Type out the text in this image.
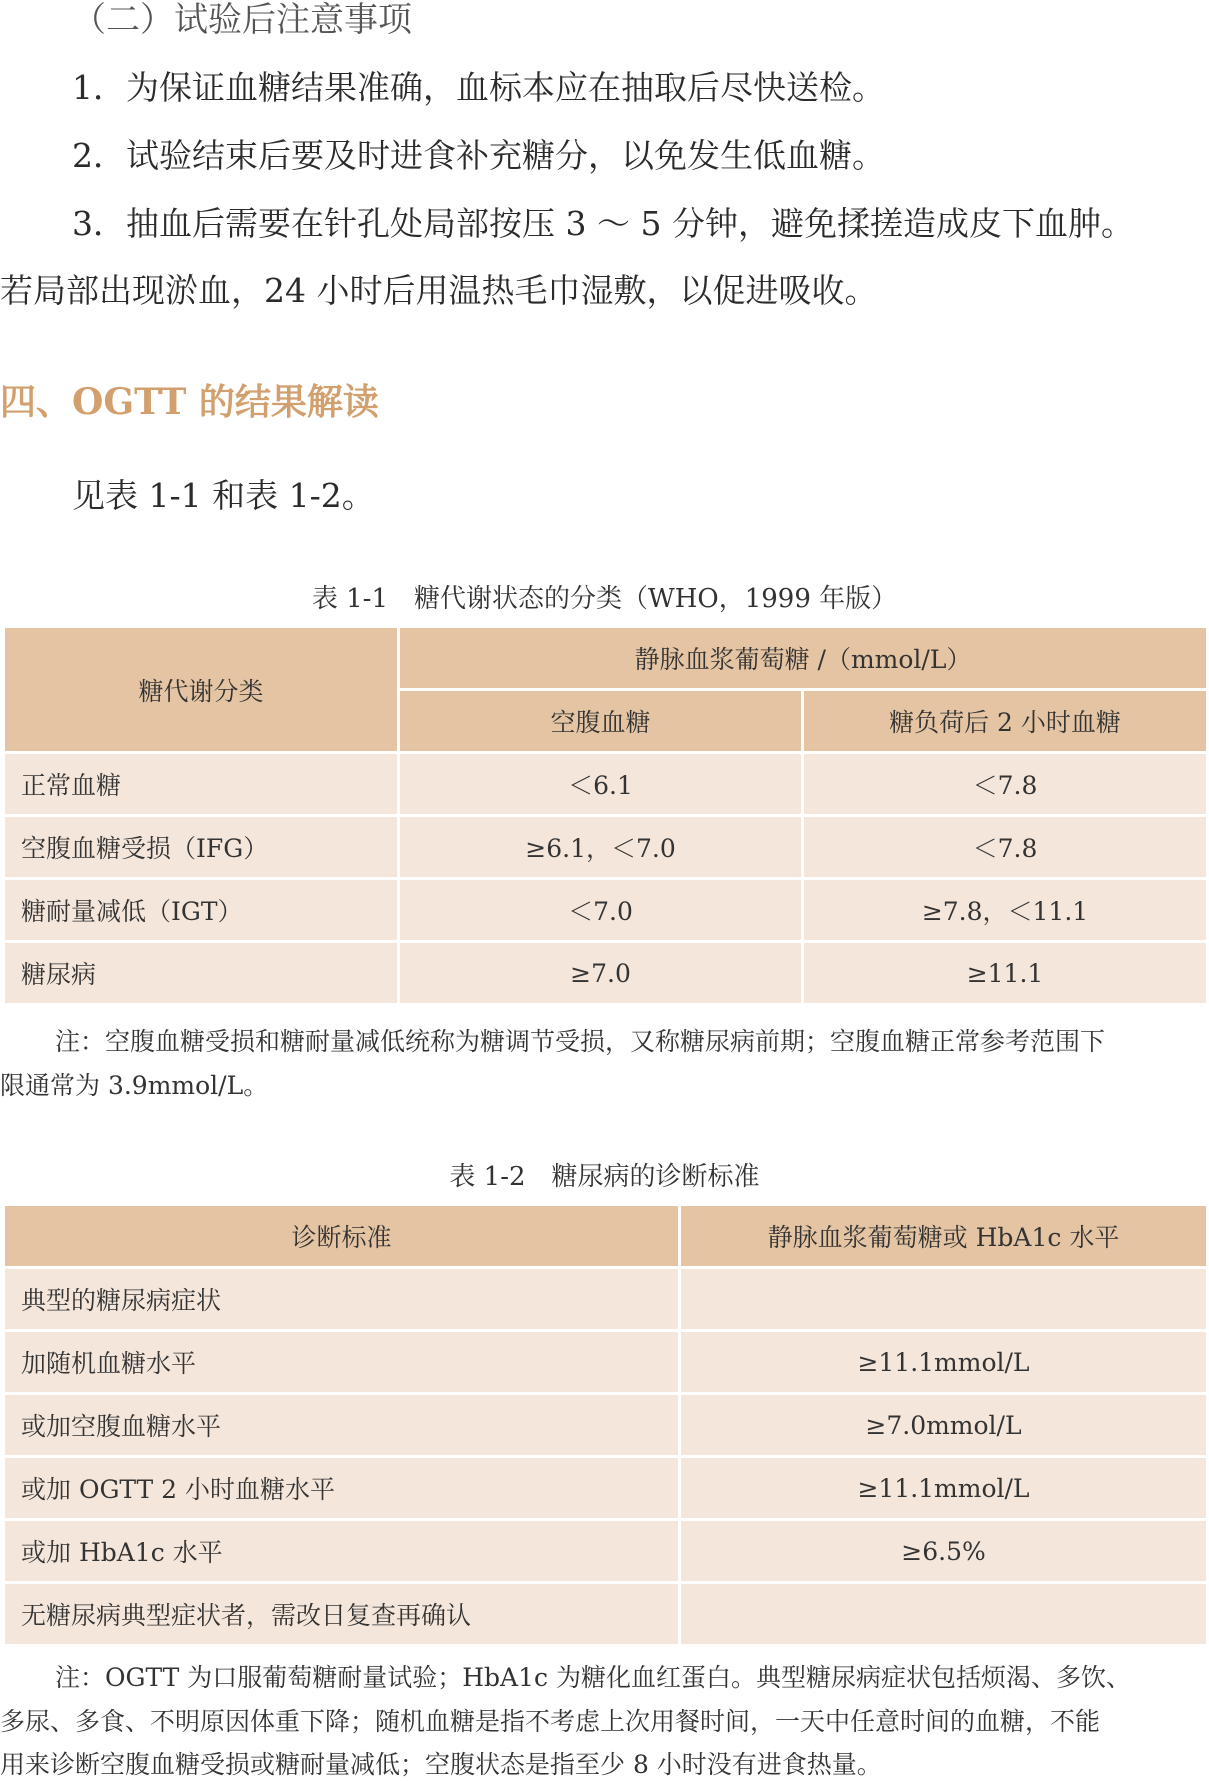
（二）试验后注意事项
1．为保证血糖结果准确，血标本应在抽取后尽快送检。
2．试验结束后要及时进食补充糖分，以免发生低血糖。
3．抽血后需要在针孔处局部按压 3 ～ 5 分钟，避免揉搓造成皮下血肿。
若局部出现淤血，24 小时后用温热毛巾湿敷，以促进吸收。
四、OGTT 的结果解读
见表 1-1 和表 1-2。
表 1-1　糖代谢状态的分类（WHO，1999 年版）
糖代谢分类	静脉血浆葡萄糖 /（mmol/L）	
	空腹血糖	糖负荷后 2 小时血糖
正常血糖	＜6.1	＜7.8
空腹血糖受损（IFG）	≥6.1，＜7.0	＜7.8
糖耐量减低（IGT）	＜7.0	≥7.8，＜11.1
糖尿病	≥7.0	≥11.1
注：空腹血糖受损和糖耐量减低统称为糖调节受损，又称糖尿病前期；空腹血糖正常参考范围下
限通常为 3.9mmol/L。
表 1-2　糖尿病的诊断标准
诊断标准	静脉血浆葡萄糖或 HbA1c 水平
典型的糖尿病症状	
加随机血糖水平	≥11.1mmol/L
或加空腹血糖水平	≥7.0mmol/L
或加 OGTT 2 小时血糖水平	≥11.1mmol/L
或加 HbA1c 水平	≥6.5%
无糖尿病典型症状者，需改日复查再确认	
注：OGTT 为口服葡萄糖耐量试验；HbA1c 为糖化血红蛋白。典型糖尿病症状包括烦渴、多饮、
多尿、多食、不明原因体重下降；随机血糖是指不考虑上次用餐时间，一天中任意时间的血糖，不能
用来诊断空腹血糖受损或糖耐量减低；空腹状态是指至少 8 小时没有进食热量。
